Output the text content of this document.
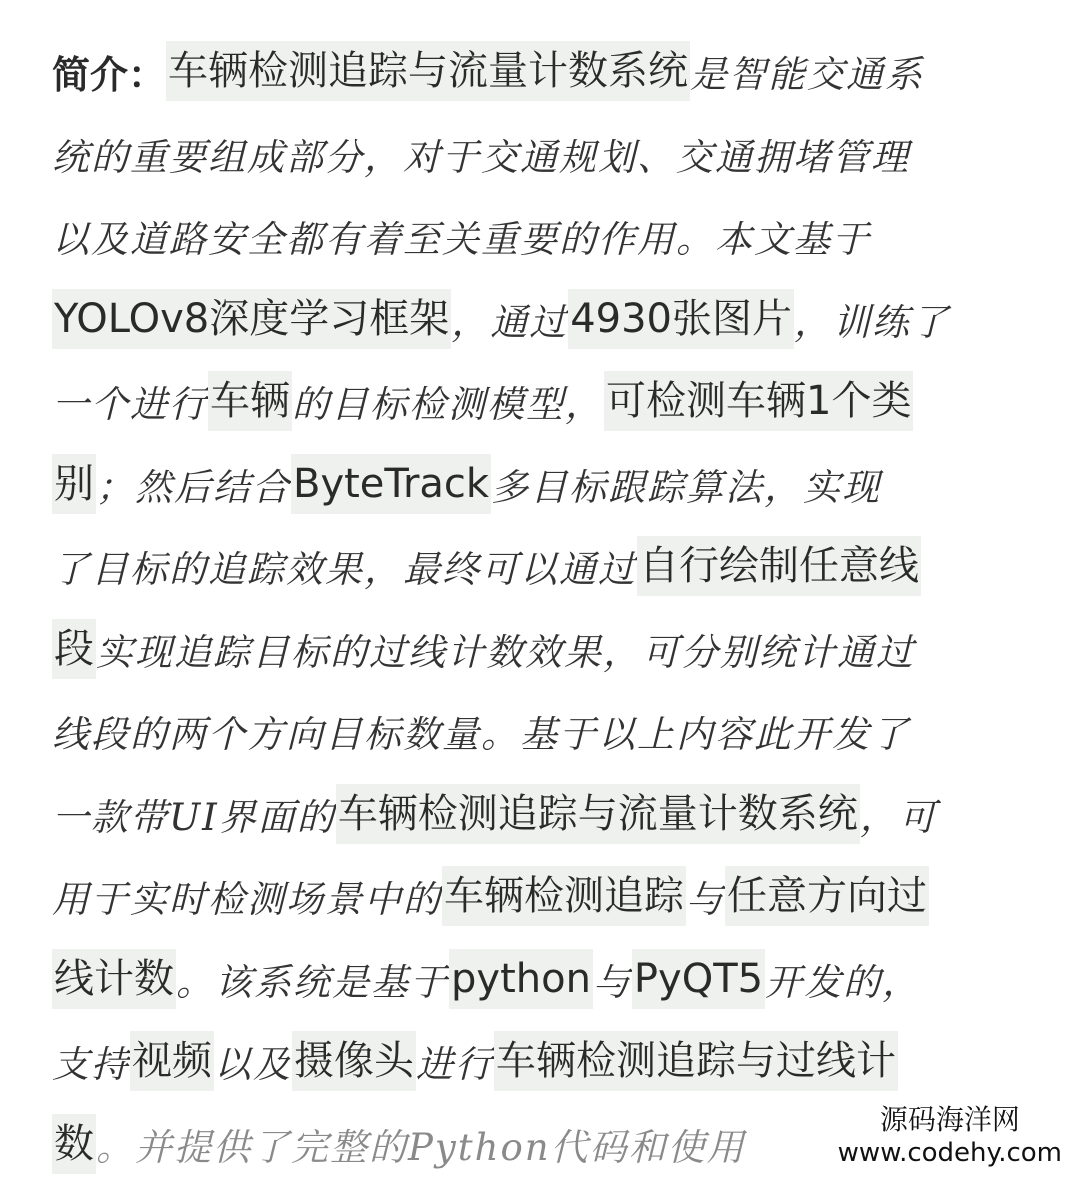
简介： 车辆检测追踪与流量计数系统 是智能交通系
统的重要组成部分，对于交通规划、交通拥堵管理
以及道路安全都有着至关重要的作用。本文基于
YOLOv8深度学习框架 ，通过 4930张图片 ，训练了
一个进行 车辆 的目标检测模型， 可检测车辆1个类
别 ；然后结合 ByteTrack 多目标跟踪算法，实现
了目标的追踪效果，最终可以通过 自行绘制任意线
段 实现追踪目标的过线计数效果，可分别统计通过
线段的两个方向目标数量。基于以上内容此开发了
一款带UI界面的 车辆检测追踪与流量计数系统 ，可
用于实时检测场景中的 车辆检测追踪 与 任意方向过
线计数 。该系统是基于 python 与 PyQT5 开发的，
支持 视频 以及 摄像头 进行 车辆检测追踪与过线计
数 。并提供了完整的Python代码和使用
源码海洋网
www.codehy.com
